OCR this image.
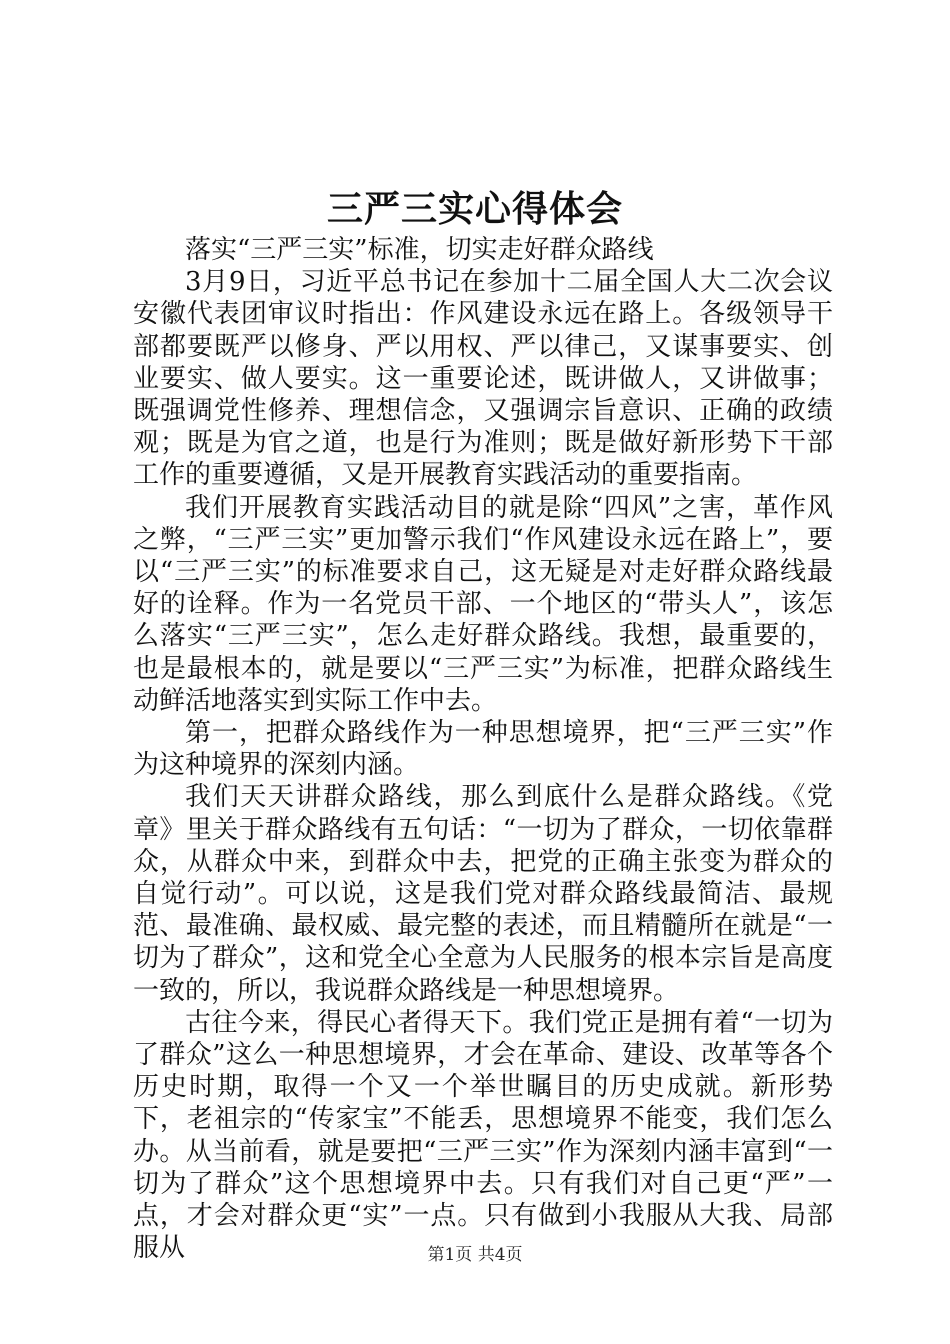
三严三实心得体会

落实“三严三实”标准，切实走好群众路线

3月9日，习近平总书记在参加十二届全国人大二次会议安徽代表团审议时指出：作风建设永远在路上。各级领导干部都要既严以修身、严以用权、严以律己，又谋事要实、创业要实、做人要实。这一重要论述，既讲做人，又讲做事；既强调党性修养、理想信念，又强调宗旨意识、正确的政绩观；既是为官之道，也是行为准则；既是做好新形势下干部工作的重要遵循，又是开展教育实践活动的重要指南。

我们开展教育实践活动目的就是除“四风”之害，革作风之弊，“三严三实”更加警示我们“作风建设永远在路上”，要以“三严三实”的标准要求自己，这无疑是对走好群众路线最好的诠释。作为一名党员干部、一个地区的“带头人”，该怎么落实“三严三实”，怎么走好群众路线。我想，最重要的，也是最根本的，就是要以“三严三实”为标准，把群众路线生动鲜活地落实到实际工作中去。

第一，把群众路线作为一种思想境界，把“三严三实”作为这种境界的深刻内涵。

我们天天讲群众路线，那么到底什么是群众路线。《党章》里关于群众路线有五句话：“一切为了群众，一切依靠群众，从群众中来，到群众中去，把党的正确主张变为群众的自觉行动”。可以说，这是我们党对群众路线最简洁、最规范、最准确、最权威、最完整的表述，而且精髓所在就是“一切为了群众”，这和党全心全意为人民服务的根本宗旨是高度一致的，所以，我说群众路线是一种思想境界。

古往今来，得民心者得天下。我们党正是拥有着“一切为了群众”这么一种思想境界，才会在革命、建设、改革等各个历史时期，取得一个又一个举世瞩目的历史成就。新形势下，老祖宗的“传家宝”不能丢，思想境界不能变，我们怎么办。从当前看，就是要把“三严三实”作为深刻内涵丰富到“一切为了群众”这个思想境界中去。只有我们对自己更“严”一点，才会对群众更“实”一点。只有做到小我服从大我、局部服从	第1页 共4页
